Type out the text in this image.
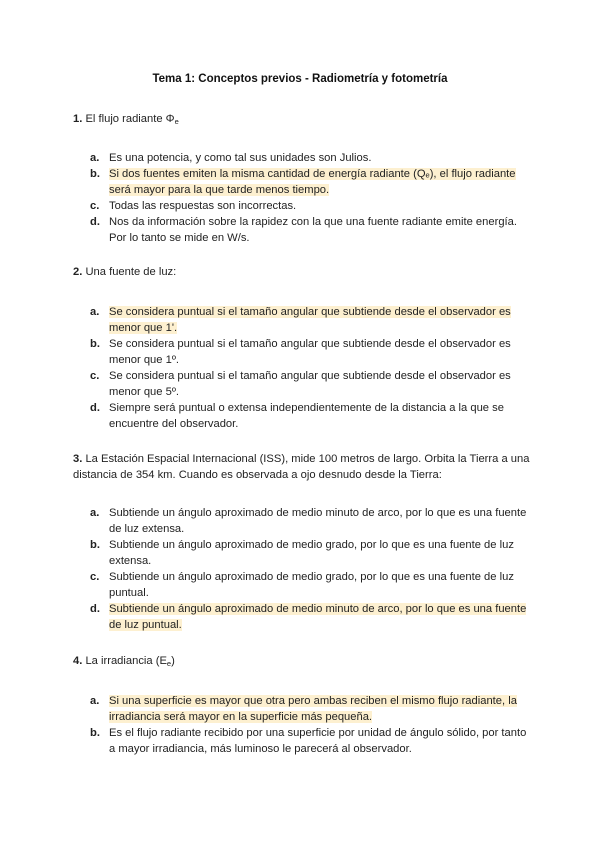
Tema 1: Conceptos previos - Radiometría y fotometría
1. El flujo radiante $\Phi_e$
a. Es una potencia, y como tal sus unidades son Julios.
b. Si dos fuentes emiten la misma cantidad de energía radiante (Qₑ), el flujo radiante será mayor para la que tarde menos tiempo.
c. Todas las respuestas son incorrectas.
d. Nos da información sobre la rapidez con la que una fuente radiante emite energía. Por lo tanto se mide en W/s.
2. Una fuente de luz:
a. Se considera puntual si el tamaño angular que subtiende desde el observador es menor que 1'.
b. Se considera puntual si el tamaño angular que subtiende desde el observador es menor que 1º.
c. Se considera puntual si el tamaño angular que subtiende desde el observador es menor que 5º.
d. Siempre será puntual o extensa independientemente de la distancia a la que se encuentre del observador.
3. La Estación Espacial Internacional (ISS), mide 100 metros de largo. Orbita la Tierra a una distancia de 354 km. Cuando es observada a ojo desnudo desde la Tierra:
a. Subtiende un ángulo aproximado de medio minuto de arco, por lo que es una fuente de luz extensa.
b. Subtiende un ángulo aproximado de medio grado, por lo que es una fuente de luz extensa.
c. Subtiende un ángulo aproximado de medio grado, por lo que es una fuente de luz puntual.
d. Subtiende un ángulo aproximado de medio minuto de arco, por lo que es una fuente de luz puntual.
4. La irradiancia $(E_e)$
a. Si una superficie es mayor que otra pero ambas reciben el mismo flujo radiante, la irradiancia será mayor en la superficie más pequeña.
b. Es el flujo radiante recibido por una superficie por unidad de ángulo sólido, por tanto a mayor irradiancia, más luminoso le parecerá al observador.
